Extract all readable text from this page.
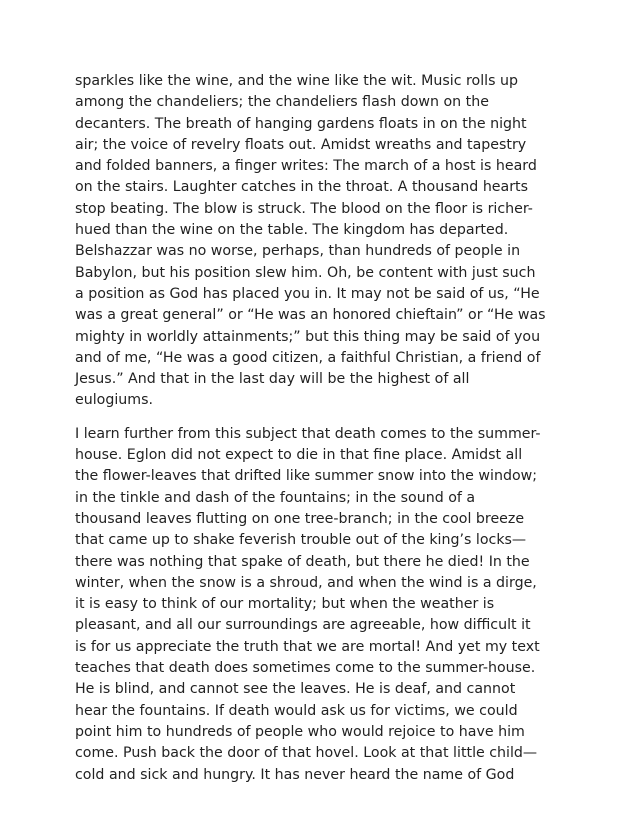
sparkles like the wine, and the wine like the wit. Music rolls up
among the chandeliers; the chandeliers flash down on the
decanters. The breath of hanging gardens floats in on the night
air; the voice of revelry floats out. Amidst wreaths and tapestry
and folded banners, a finger writes: The march of a host is heard
on the stairs. Laughter catches in the throat. A thousand hearts
stop beating. The blow is struck. The blood on the floor is richer-
hued than the wine on the table. The kingdom has departed.
Belshazzar was no worse, perhaps, than hundreds of people in
Babylon, but his position slew him. Oh, be content with just such
a position as God has placed you in. It may not be said of us, “He
was a great general” or “He was an honored chieftain” or “He was
mighty in worldly attainments;” but this thing may be said of you
and of me, “He was a good citizen, a faithful Christian, a friend of
Jesus.” And that in the last day will be the highest of all
eulogiums.
I learn further from this subject that death comes to the summer-
house. Eglon did not expect to die in that fine place. Amidst all
the flower-leaves that drifted like summer snow into the window;
in the tinkle and dash of the fountains; in the sound of a
thousand leaves flutting on one tree-branch; in the cool breeze
that came up to shake feverish trouble out of the king’s locks—
there was nothing that spake of death, but there he died! In the
winter, when the snow is a shroud, and when the wind is a dirge,
it is easy to think of our mortality; but when the weather is
pleasant, and all our surroundings are agreeable, how difficult it
is for us appreciate the truth that we are mortal! And yet my text
teaches that death does sometimes come to the summer-house.
He is blind, and cannot see the leaves. He is deaf, and cannot
hear the fountains. If death would ask us for victims, we could
point him to hundreds of people who would rejoice to have him
come. Push back the door of that hovel. Look at that little child—
cold and sick and hungry. It has never heard the name of God
